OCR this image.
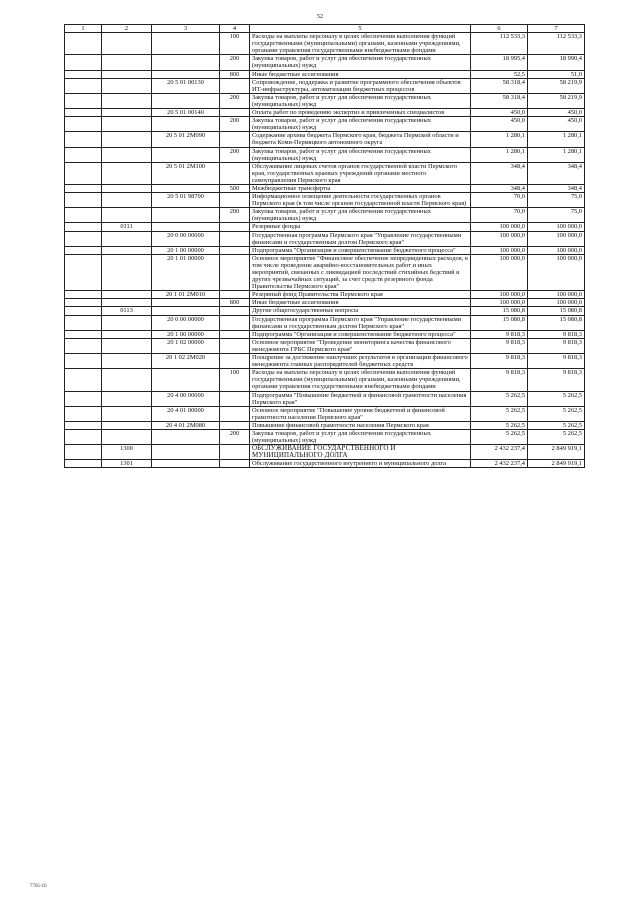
52
1	2	3	4	5	6	7
			100	Расходы на выплаты персоналу в целях обеспечения выполнения функций государственными (муниципальными) органами, казенными учреждениями, органами управления государственными внебюджетными фондами	112 533,3	112 533,3
			200	Закупка товаров, работ и услуг для обеспечения государственных (муниципальных) нужд	18 995,4	18 990,4
			800	Иные бюджетные ассигнования	52,5	51,0
		20 5 01 00130		Сопровождение, поддержка и развитие программного обеспечения объектов ИТ-инфраструктуры, автоматизации бюджетных процессов	58 318,4	58 219,9
			200	Закупка товаров, работ и услуг для обеспечения государственных (муниципальных) нужд	58 318,4	58 219,9
		20 5 01 00140		Оплата работ по проведению экспертиз и привлеченных специалистов	450,0	450,0
			200	Закупка товаров, работ и услуг для обеспечения государственных (муниципальных) нужд	450,0	450,0
		20 5 01 2М090		Содержание архива бюджета Пермского края, бюджета Пермской области и бюджета Коми-Пермяцкого автономного округа	1 280,1	1 280,1
			200	Закупка товаров, работ и услуг для обеспечения государственных (муниципальных) нужд	1 280,1	1 280,1
		20 5 01 2М100		Обслуживание лицевых счетов органов государственной власти Пермского края, государственных краевых учреждений органами местного самоуправления Пермского края	348,4	348,4
			500	Межбюджетные трансферты	348,4	348,4
		20 5 01 98700		Информационное освещение деятельности государственных органов Пермского края (в том числе органов государственной власти Пермского края)	70,0	75,0
			200	Закупка товаров, работ и услуг для обеспечения государственных (муниципальных) нужд	70,0	75,0
	0111			Резервные фонды	100 000,0	100 000,0
		20 0 00 00000		Государственная программа Пермского края "Управление государственными финансами и государственным долгом Пермского края"	100 000,0	100 000,0
		20 1 00 00000		Подпрограмма "Организация и совершенствование бюджетного процесса"	100 000,0	100 000,0
		20 1 01 00000		Основное мероприятие "Финансовое обеспечение непредвиденных расходов, в том числе проведение аварийно-восстановительных работ и иных мероприятий, связанных с ликвидацией последствий стихийных бедствий и других чрезвычайных ситуаций, за счет средств резервного фонда Правительства Пермского края"	100 000,0	100 000,0
		20 1 01 2М010		Резервный фонд Правительства Пермского края	100 000,0	100 000,0
			800	Иные бюджетные ассигнования	100 000,0	100 000,0
	0113			Другие общегосударственные вопросы	15 080,8	15 080,8
		20 0 00 00000		Государственная программа Пермского края "Управление государственными финансами и государственным долгом Пермского края"	15 080,8	15 080,8
		20 1 00 00000		Подпрограмма "Организация и совершенствование бюджетного процесса"	9 818,3	9 818,3
		20 1 02 00000		Основное мероприятие "Проведение мониторинга качества финансового менеджмента ГРБС Пермского края"	9 818,3	9 818,3
		20 1 02 2М020		Поощрение за достижение наилучших результатов в организации финансового менеджмента главных распорядителей бюджетных средств	9 818,3	9 818,3
			100	Расходы на выплаты персоналу в целях обеспечения выполнения функций государственными (муниципальными) органами, казенными учреждениями, органами управления государственными внебюджетными фондами	9 818,3	9 818,3
		20 4 00 00000		Подпрограмма "Повышение бюджетной и финансовой грамотности населения Пермского края"	5 262,5	5 262,5
		20 4 01 00000		Основное мероприятие "Повышение уровня бюджетной и финансовой грамотности населения Пермского края"	5 262,5	5 262,5
		20 4 01 2М080		Повышение финансовой грамотности населения Пермского края	5 262,5	5 262,5
			200	Закупка товаров, работ и услуг для обеспечения государственных (муниципальных) нужд	5 262,5	5 262,5
	1300			ОБСЛУЖИВАНИЕ ГОСУДАРСТВЕННОГО И МУНИЦИПАЛЬНОГО ДОЛГА	2 432 237,4	2 849 919,1
	1301			Обслуживание государственного внутреннего и муниципального долга	2 432 237,4	2 849 919,1
7705-16
